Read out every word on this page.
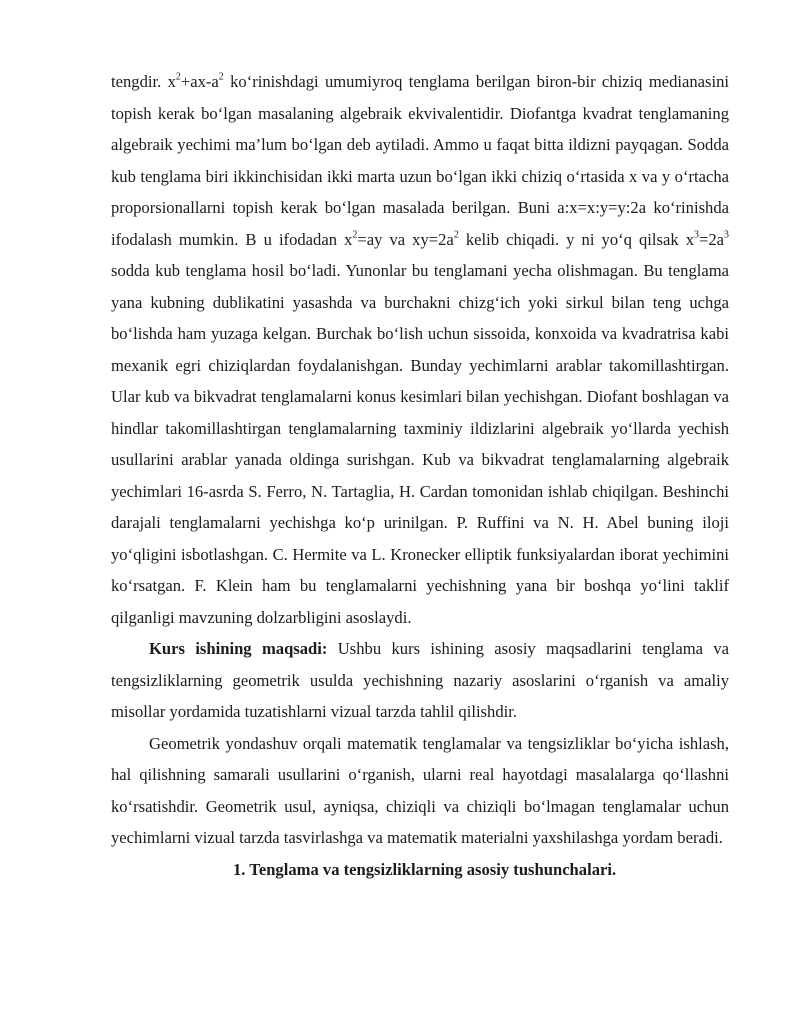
tengdir. $x^2+ax-a^2$ ko‘rinishdagi umumiyroq tenglama berilgan biron-bir chiziq medianasini topish kerak bo‘lgan masalaning algebraik ekvivalentidir. Diofantga kvadrat tenglamaning algebraik yechimi ma’lum bo‘lgan deb aytiladi. Ammo u faqat bitta ildizni payqagan. Sodda kub tenglama biri ikkinchisidan ikki marta uzun bo‘lgan ikki chiziq o‘rtasida x va y o‘rtacha proporsionallarni topish kerak bo‘lgan masalada berilgan. Buni a:x=x:y=y:2a ko‘rinishda ifodalash mumkin. B u ifodadan $x^2=ay$ va $xy=2a^2$ kelib chiqadi. y ni yo‘q qilsak $x^3=2a^3$ sodda kub tenglama hosil bo‘ladi. Yunonlar bu tenglamani yecha olishmagan. Bu tenglama yana kubning dublikatini yasashda va burchakni chizg‘ich yoki sirkul bilan teng uchga bo‘lishda ham yuzaga kelgan. Burchak bo‘lish uchun sissoida, konxoida va kvadratrisa kabi mexanik egri chiziqlardan foydalanishgan. Bunday yechimlarni arablar takomillashtirgan. Ular kub va bikvadrat tenglamalarni konus kesimlari bilan yechishgan. Diofant boshlagan va hindlar takomillashtirgan tenglamalarning taxminiy ildizlarini algebraik yo‘llarda yechish usullarini arablar yanada oldinga surishgan. Kub va bikvadrat tenglamalarning algebraik yechimlari 16-asrda S. Ferro, N. Tartaglia, H. Cardan tomonidan ishlab chiqilgan. Beshinchi darajali tenglamalarni yechishga ko‘p urinilgan. P. Ruffini va N. H. Abel buning iloji yo‘qligini isbotlashgan. C. Hermite va L. Kronecker elliptik funksiyalardan iborat yechimini ko‘rsatgan. F. Klein ham bu tenglamalarni yechishning yana bir boshqa yo‘lini taklif qilganligi mavzuning dolzarbligini asoslaydi.

Kurs ishining maqsadi: Ushbu kurs ishining asosiy maqsadlarini tenglama va tengsizliklarning geometrik usulda yechishning nazariy asoslarini o‘rganish va amaliy misollar yordamida tuzatishlarni vizual tarzda tahlil qilishdir.

Geometrik yondashuv orqali matematik tenglamalar va tengsizliklar bo‘yicha ishlash, hal qilishning samarali usullarini o‘rganish, ularni real hayotdagi masalalarga qo‘llashni ko‘rsatishdir. Geometrik usul, ayniqsa, chiziqli va chiziqli bo‘lmagan tenglamalar uchun yechimlarni vizual tarzda tasvirlashga va matematik materialni yaxshilashga yordam beradi.

1. Tenglama va tengsizliklarning asosiy tushunchalari.
